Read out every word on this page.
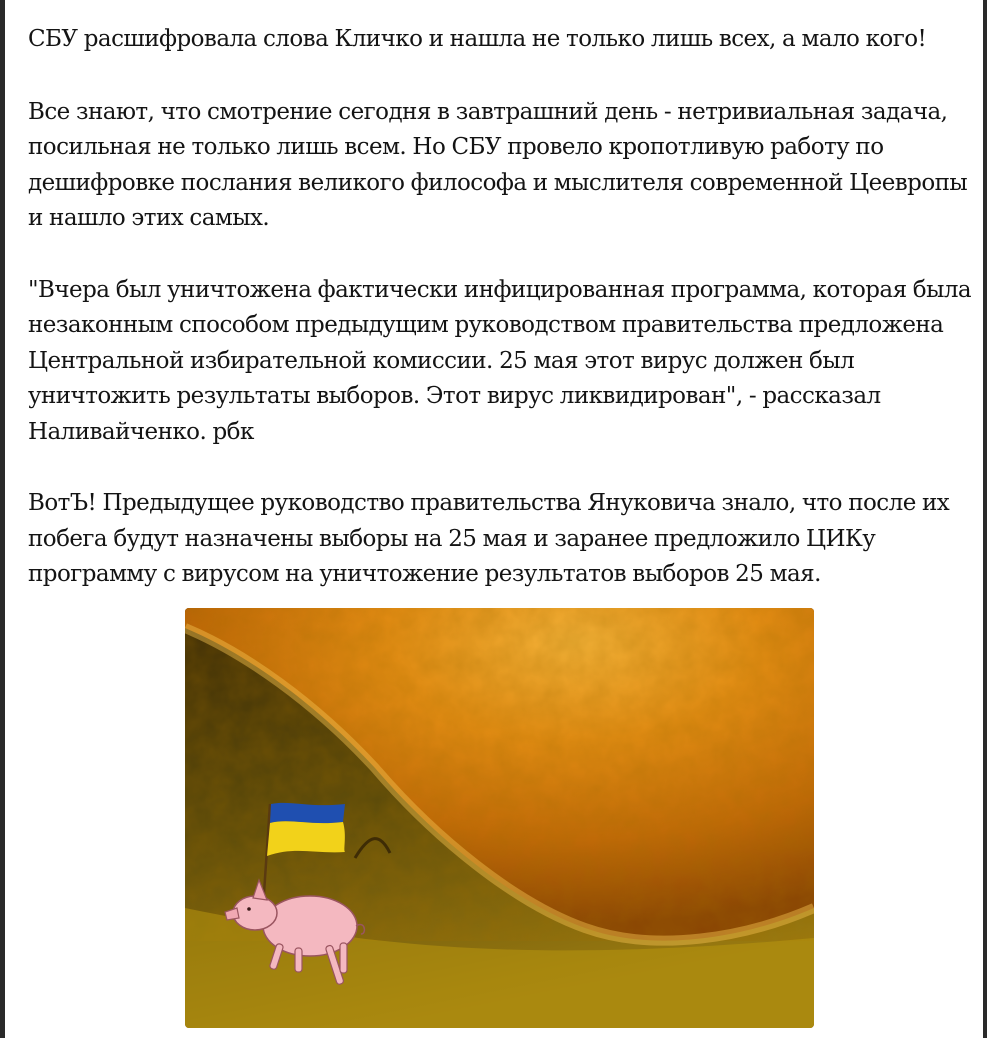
СБУ расшифровала слова Кличко и нашла не только лишь всех, а мало кого!

Все знают, что смотрение сегодня в завтрашний день - нетривиальная задача, посильная не только лишь всем. Но СБУ провело кропотливую работу по дешифровке послания великого философа и мыслителя современной Цеевропы и нашло этих самых.

"Вчера был уничтожена фактически инфицированная программа, которая была незаконным способом предыдущим руководством правительства предложена Центральной избирательной комиссии. 25 мая этот вирус должен был уничтожить результаты выборов. Этот вирус ликвидирован", - рассказал Наливайченко. рбк

ВотЪ! Предыдущее руководство правительства Януковича знало, что после их побега будут назначены выборы на 25 мая и заранее предложило ЦИКу программу с вирусом на уничтожение результатов выборов 25 мая.
